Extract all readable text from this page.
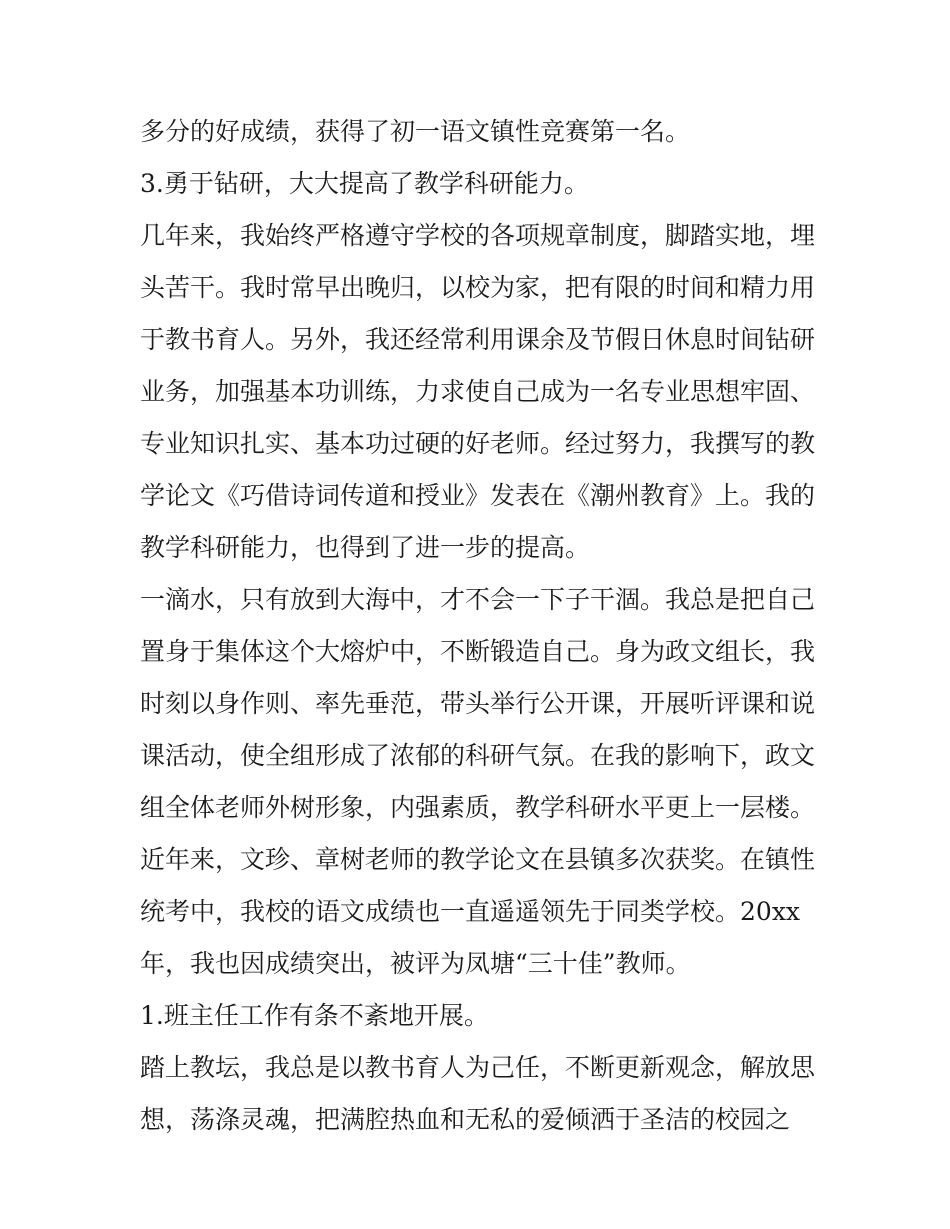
多分的好成绩，获得了初一语文镇性竞赛第一名。
3.勇于钻研，大大提高了教学科研能力。
几年来，我始终严格遵守学校的各项规章制度，脚踏实地，埋
头苦干。我时常早出晚归，以校为家，把有限的时间和精力用
于教书育人。另外，我还经常利用课余及节假日休息时间钻研
业务，加强基本功训练，力求使自己成为一名专业思想牢固、
专业知识扎实、基本功过硬的好老师。经过努力，我撰写的教
学论文《巧借诗词传道和授业》发表在《潮州教育》上。我的
教学科研能力，也得到了进一步的提高。
一滴水，只有放到大海中，才不会一下子干涸。我总是把自己
置身于集体这个大熔炉中，不断锻造自己。身为政文组长，我
时刻以身作则、率先垂范，带头举行公开课，开展听评课和说
课活动，使全组形成了浓郁的科研气氛。在我的影响下，政文
组全体老师外树形象，内强素质，教学科研水平更上一层楼。
近年来，文珍、章树老师的教学论文在县镇多次获奖。在镇性
统考中，我校的语文成绩也一直遥遥领先于同类学校。20xx
年，我也因成绩突出，被评为凤塘“三十佳”教师。
1.班主任工作有条不紊地开展。
踏上教坛，我总是以教书育人为己任，不断更新观念，解放思
想，荡涤灵魂，把满腔热血和无私的爱倾洒于圣洁的校园之
